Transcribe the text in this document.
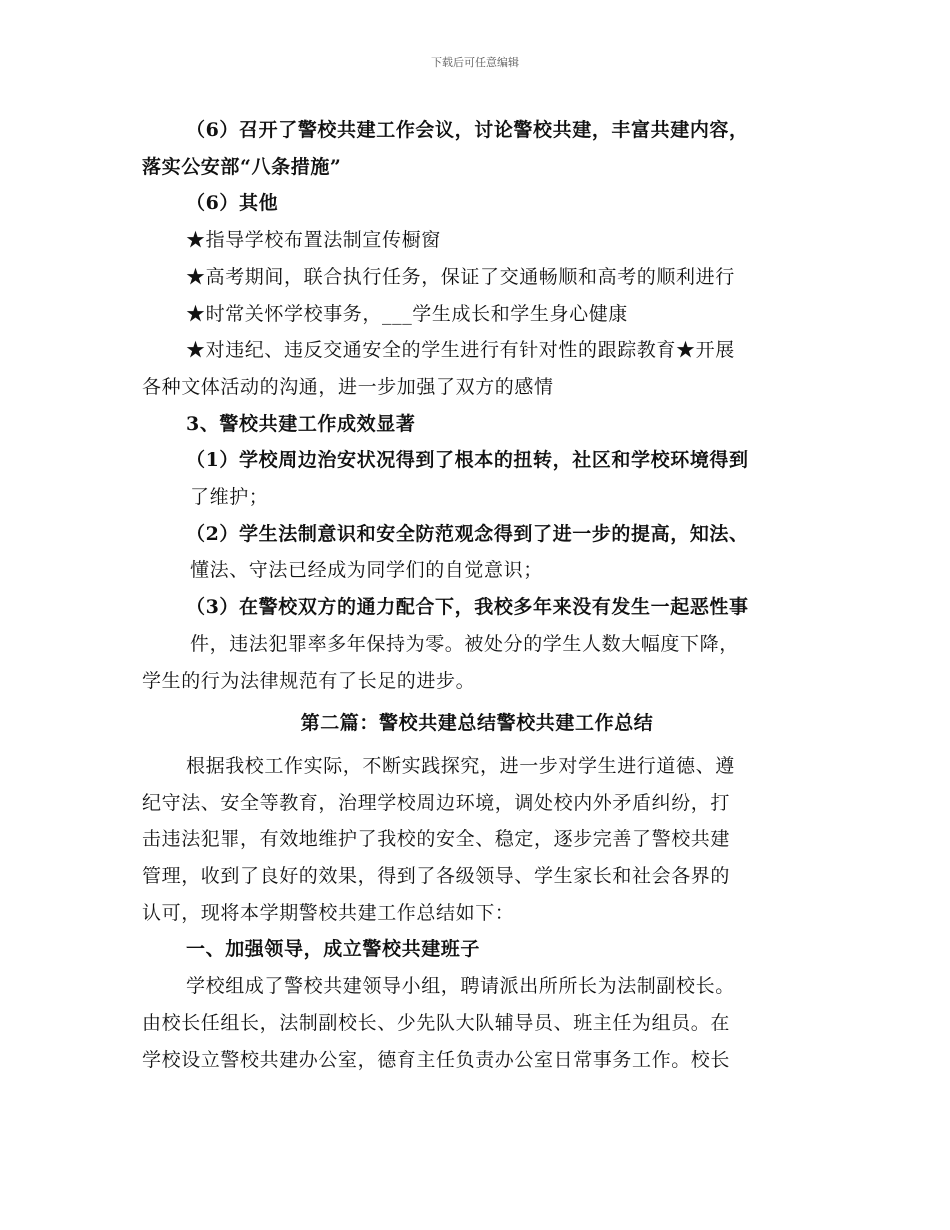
下载后可任意编辑
（6）召开了警校共建工作会议，讨论警校共建，丰富共建内容，
落实公安部“八条措施”
（6）其他
★指导学校布置法制宣传橱窗
★高考期间，联合执行任务，保证了交通畅顺和高考的顺利进行
★时常关怀学校事务，___学生成长和学生身心健康
★对违纪、违反交通安全的学生进行有针对性的跟踪教育★开展
各种文体活动的沟通，进一步加强了双方的感情
3、警校共建工作成效显著
（1）学校周边治安状况得到了根本的扭转，社区和学校环境得到
了维护；
（2）学生法制意识和安全防范观念得到了进一步的提高，知法、
懂法、守法已经成为同学们的自觉意识；
（3）在警校双方的通力配合下，我校多年来没有发生一起恶性事
件，违法犯罪率多年保持为零。被处分的学生人数大幅度下降，
学生的行为法律规范有了长足的进步。
第二篇：警校共建总结警校共建工作总结
根据我校工作实际，不断实践探究，进一步对学生进行道德、遵
纪守法、安全等教育，治理学校周边环境，调处校内外矛盾纠纷，打
击违法犯罪，有效地维护了我校的安全、稳定，逐步完善了警校共建
管理，收到了良好的效果，得到了各级领导、学生家长和社会各界的
认可，现将本学期警校共建工作总结如下：
一、加强领导，成立警校共建班子
学校组成了警校共建领导小组，聘请派出所所长为法制副校长。
由校长任组长，法制副校长、少先队大队辅导员、班主任为组员。在
学校设立警校共建办公室，德育主任负责办公室日常事务工作。校长
